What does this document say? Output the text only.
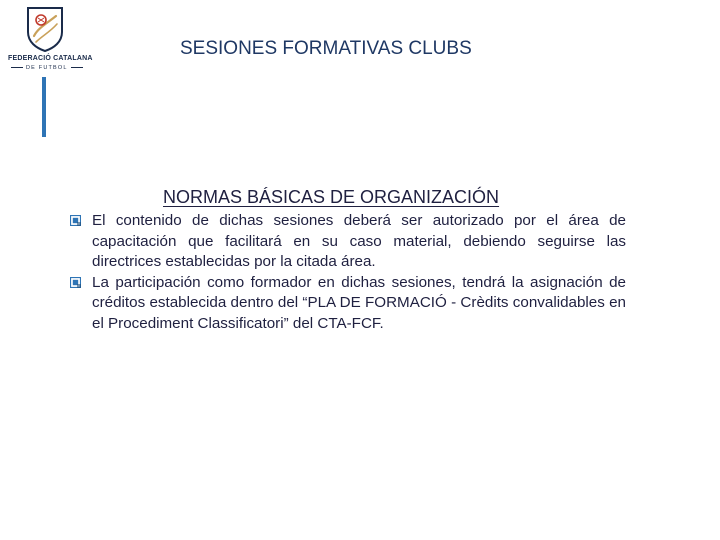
FEDERACIÓ CATALANA
DE FUTBOL
SESIONES FORMATIVAS CLUBS
NORMAS BÁSICAS DE ORGANIZACIÓN
El contenido de dichas sesiones deberá ser autorizado por el área de capacitación que facilitará en su caso material, debiendo seguirse las directrices establecidas por la citada área.
La participación como formador en dichas sesiones, tendrá la asignación de créditos establecida dentro del “PLA DE FORMACIÓ - Crèdits convalidables en el Procediment Classificatori” del CTA-FCF.
